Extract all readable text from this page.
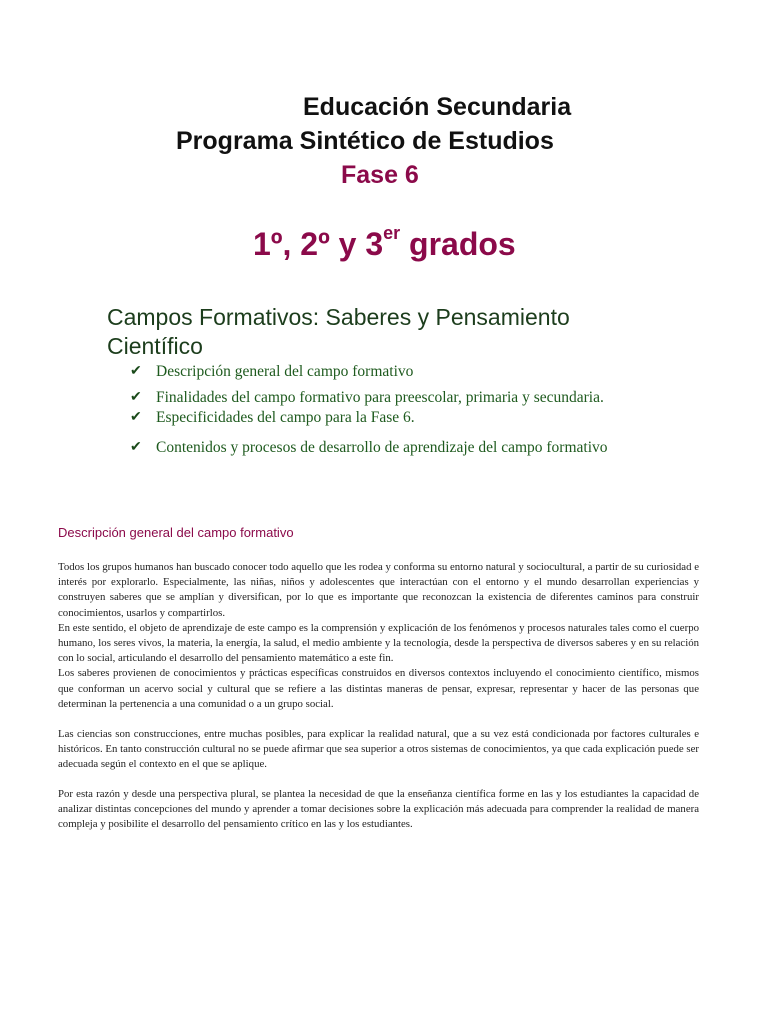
Educación Secundaria
Programa Sintético de Estudios
Fase 6
1º, 2º y 3er grados
Campos Formativos: Saberes y Pensamiento Científico
✔ Descripción general del campo formativo
✔ Finalidades del campo formativo para preescolar, primaria y secundaria.
✔ Especificidades del campo para la Fase 6.
✔ Contenidos y procesos de desarrollo de aprendizaje del campo formativo
Descripción general del campo formativo

Todos los grupos humanos han buscado conocer todo aquello que les rodea y conforma su entorno natural y sociocultural, a partir de su curiosidad e interés por explorarlo. Especialmente, las niñas, niños y adolescentes que interactúan con el entorno y el mundo desarrollan experiencias y construyen saberes que se amplían y diversifican, por lo que es importante que reconozcan la existencia de diferentes caminos para construir conocimientos, usarlos y compartirlos.
En este sentido, el objeto de aprendizaje de este campo es la comprensión y explicación de los fenómenos y procesos naturales tales como el cuerpo humano, los seres vivos, la materia, la energía, la salud, el medio ambiente y la tecnología, desde la perspectiva de diversos saberes y en su relación con lo social, articulando el desarrollo del pensamiento matemático a este fin.
Los saberes provienen de conocimientos y prácticas específicas construidos en diversos contextos incluyendo el conocimiento científico, mismos que conforman un acervo social y cultural que se refiere a las distintas maneras de pensar, expresar, representar y hacer de las personas que determinan la pertenencia a una comunidad o a un grupo social.

Las ciencias son construcciones, entre muchas posibles, para explicar la realidad natural, que a su vez está condicionada por factores culturales e históricos. En tanto construcción cultural no se puede afirmar que sea superior a otros sistemas de conocimientos, ya que cada explicación puede ser adecuada según el contexto en el que se aplique.

Por esta razón y desde una perspectiva plural, se plantea la necesidad de que la enseñanza científica forme en las y los estudiantes la capacidad de analizar distintas concepciones del mundo y aprender a tomar decisiones sobre la explicación más adecuada para comprender la realidad de manera compleja y posibilite el desarrollo del pensamiento crítico en las y los estudiantes.
